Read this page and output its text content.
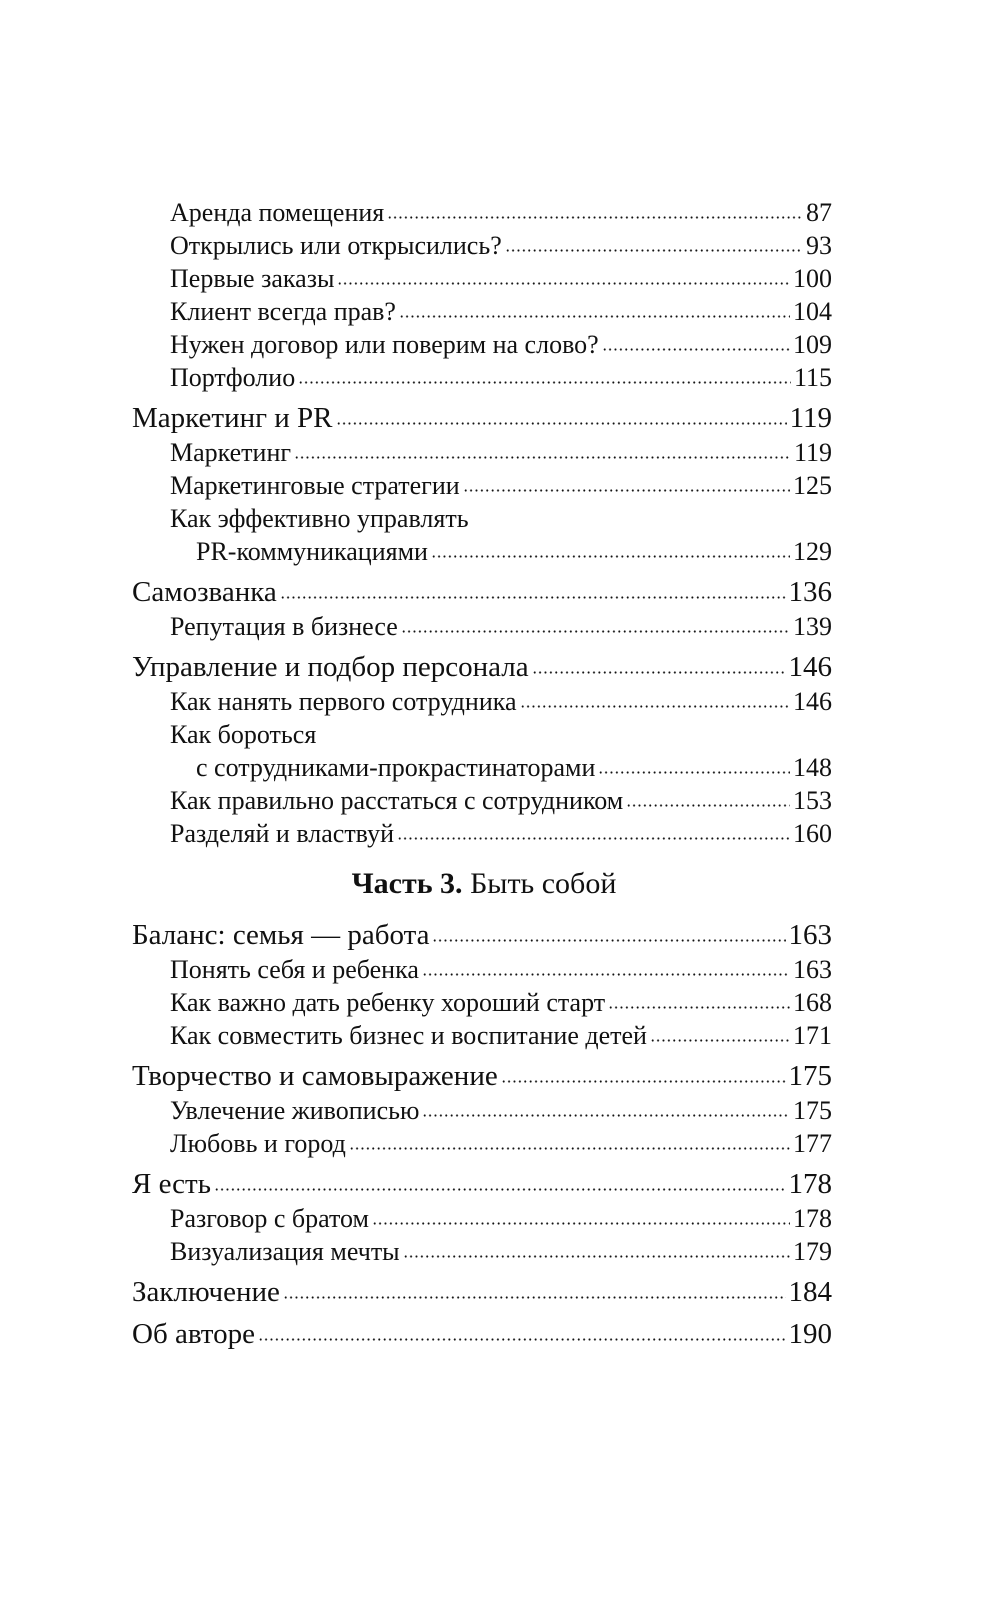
Аренда помещения	87
Открылись или открысились?	93
Первые заказы	100
Клиент всегда прав?	104
Нужен договор или поверим на слово?	109
Портфолио	115
Маркетинг и PR	119
Маркетинг	119
Маркетинговые стратегии	125
Как эффективно управлять
PR-коммуникациями	129
Самозванка	136
Репутация в бизнесе	139
Управление и подбор персонала	146
Как нанять первого сотрудника	146
Как бороться
с сотрудниками-прокрастинаторами	148
Как правильно расстаться с сотрудником	153
Разделяй и властвуй	160
Часть 3. Быть собой
Баланс: семья — работа	163
Понять себя и ребенка	163
Как важно дать ребенку хороший старт	168
Как совместить бизнес и воспитание детей	171
Творчество и самовыражение	175
Увлечение живописью	175
Любовь и город	177
Я есть	178
Разговор с братом	178
Визуализация мечты	179
Заключение	184
Об авторе	190
